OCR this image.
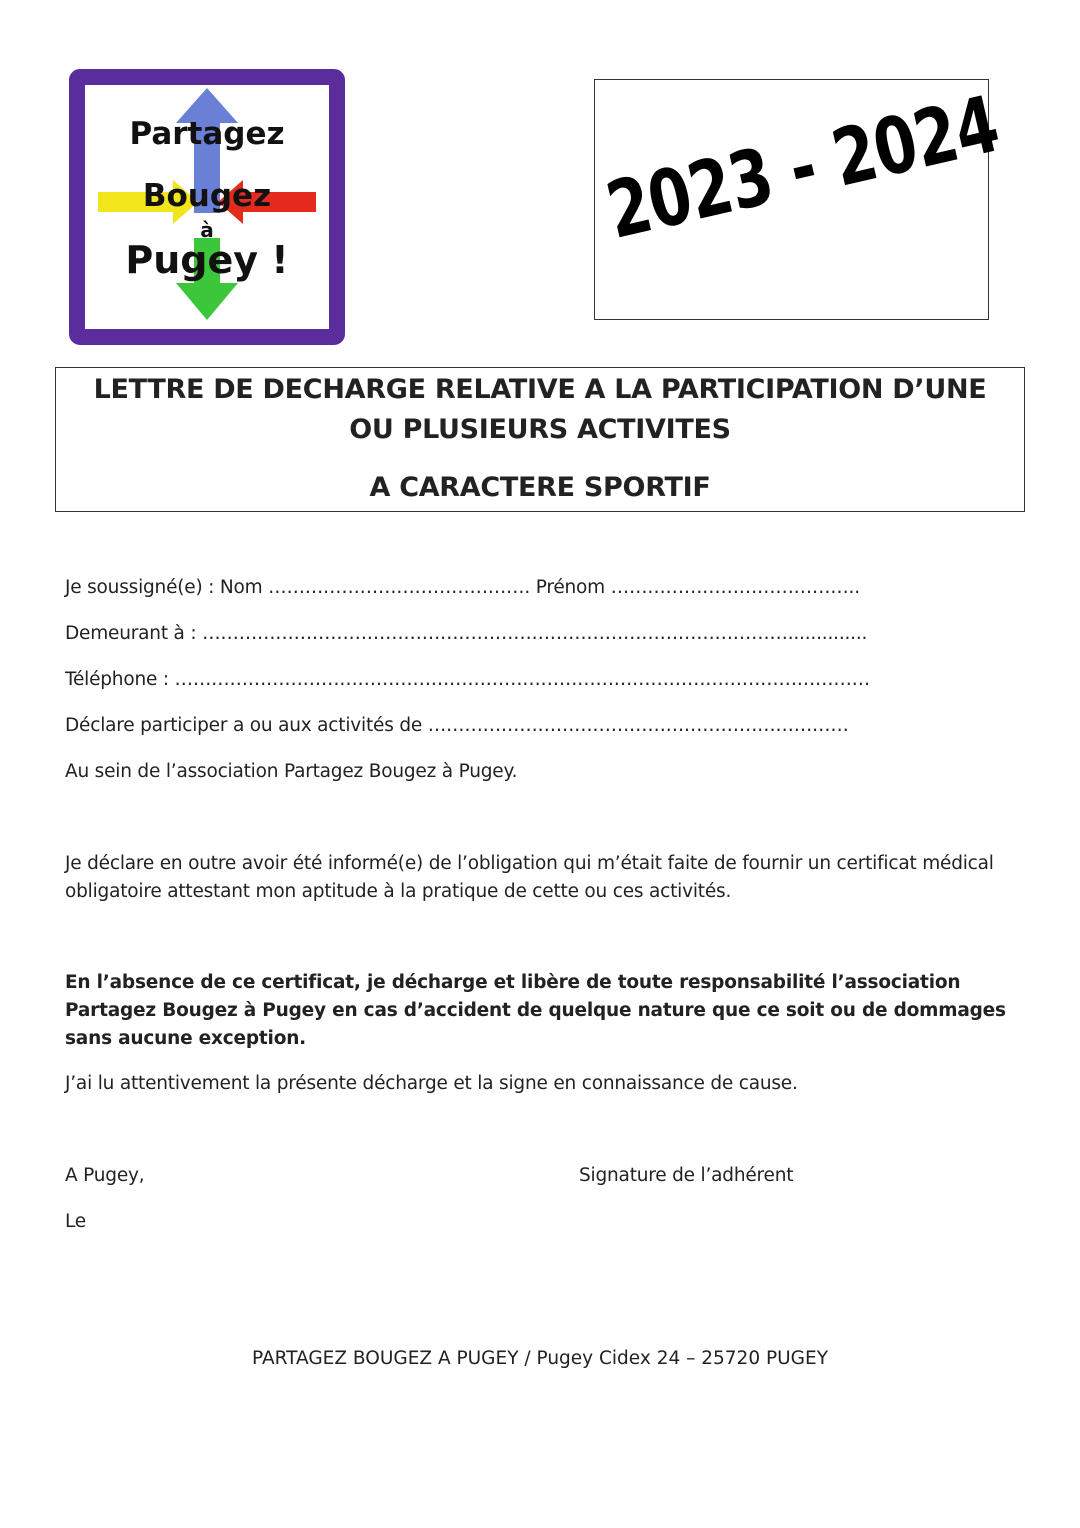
Partagez
Bougez
à
Pugey !
2023 - 2024
LETTRE DE DECHARGE RELATIVE A LA PARTICIPATION D’UNE
OU PLUSIEURS ACTIVITES
A CARACTERE SPORTIF
Je soussigné(e) : Nom ……………………………………. Prénom …………………………………..
Demeurant à : ……………………………………………………………………………………..............
Téléphone : ……………………………………………………………………………………………………
Déclare participer a ou aux activités de ……………………………………………………………
Au sein de l’association Partagez Bougez à Pugey.
Je déclare en outre avoir été informé(e) de l’obligation qui m’était faite de fournir un certificat médical
obligatoire attestant mon aptitude à la pratique de cette ou ces activités.
En l’absence de ce certificat, je décharge et libère de toute responsabilité l’association
Partagez Bougez à Pugey en cas d’accident de quelque nature que ce soit ou de dommages
sans aucune exception.
J’ai lu attentivement la présente décharge et la signe en connaissance de cause.
A Pugey,	Signature de l’adhérent
Le
PARTAGEZ BOUGEZ A PUGEY / Pugey Cidex 24 – 25720 PUGEY
